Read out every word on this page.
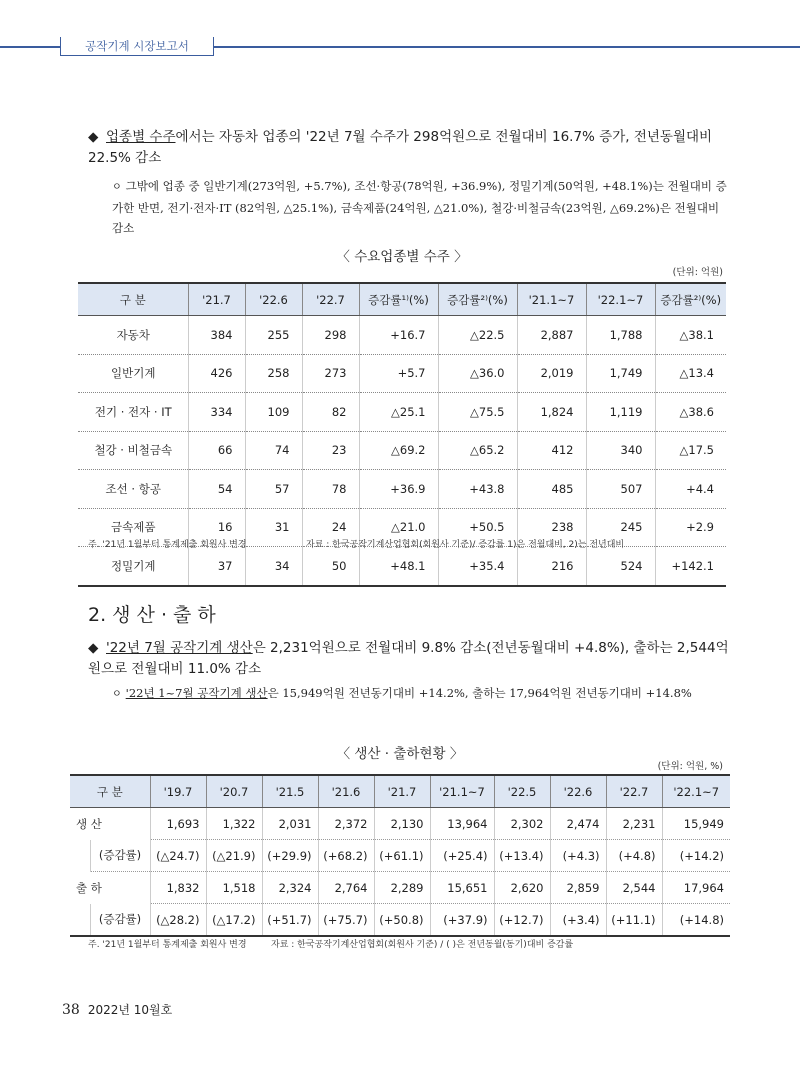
공작기계 시장보고서
◆ 업종별 수주에서는 자동차 업종의 '22년 7월 수주가 298억원으로 전월대비 16.7% 증가, 전년동월대비 22.5% 감소
ㅇ 그밖에 업종 중 일반기계(273억원, +5.7%), 조선·항공(78억원, +36.9%), 정밀기계(50억원, +48.1%)는 전월대비 증가한 반면, 전기·전자·IT (82억원, △25.1%), 금속제품(24억원, △21.0%), 철강·비철금속(23억원, △69.2%)은 전월대비 감소
〈 수요업종별 수주 〉
(단위: 억원)
구 분	'21.7	'22.6	'22.7	증감률¹⁾(%)	증감률²⁾(%)	'21.1~7	'22.1~7	증감률²⁾(%)
자동차	384	255	298	+16.7	△22.5	2,887	1,788	△38.1
일반기계	426	258	273	+5.7	△36.0	2,019	1,749	△13.4
전기 · 전자 · IT	334	109	82	△25.1	△75.5	1,824	1,119	△38.6
철강 · 비철금속	66	74	23	△69.2	△65.2	412	340	△17.5
조선 · 항공	54	57	78	+36.9	+43.8	485	507	+4.4
금속제품	16	31	24	△21.0	+50.5	238	245	+2.9
정밀기계	37	34	50	+48.1	+35.4	216	524	+142.1
주. '21년 1월부터 통계제출 회원사 변경	자료 : 한국공작기계산업협회(회원사 기준)/ 증감률 1)은 전월대비, 2)는 전년대비
2. 생 산 · 출 하
◆ '22년 7월 공작기계 생산은 2,231억원으로 전월대비 9.8% 감소(전년동월대비 +4.8%), 출하는 2,544억원으로 전월대비 11.0% 감소
ㅇ '22년 1~7월 공작기계 생산은 15,949억원 전년동기대비 +14.2%, 출하는 17,964억원 전년동기대비 +14.8%
〈 생산 · 출하현황 〉
(단위: 억원, %)
구 분		'19.7	'20.7	'21.5	'21.6	'21.7	'21.1~7	'22.5	'22.6	'22.7	'22.1~7
생 산		1,693	1,322	2,031	2,372	2,130	13,964	2,302	2,474	2,231	15,949
	(증감률)	(△24.7)	(△21.9)	(+29.9)	(+68.2)	(+61.1)	(+25.4)	(+13.4)	(+4.3)	(+4.8)	(+14.2)
출 하		1,832	1,518	2,324	2,764	2,289	15,651	2,620	2,859	2,544	17,964
	(증감률)	(△28.2)	(△17.2)	(+51.7)	(+75.7)	(+50.8)	(+37.9)	(+12.7)	(+3.4)	(+11.1)	(+14.8)
주. '21년 1월부터 통계제출 회원사 변경	자료 : 한국공작기계산업협회(회원사 기준) / ( )은 전년동월(동기)대비 증감률
38 2022년 10월호
